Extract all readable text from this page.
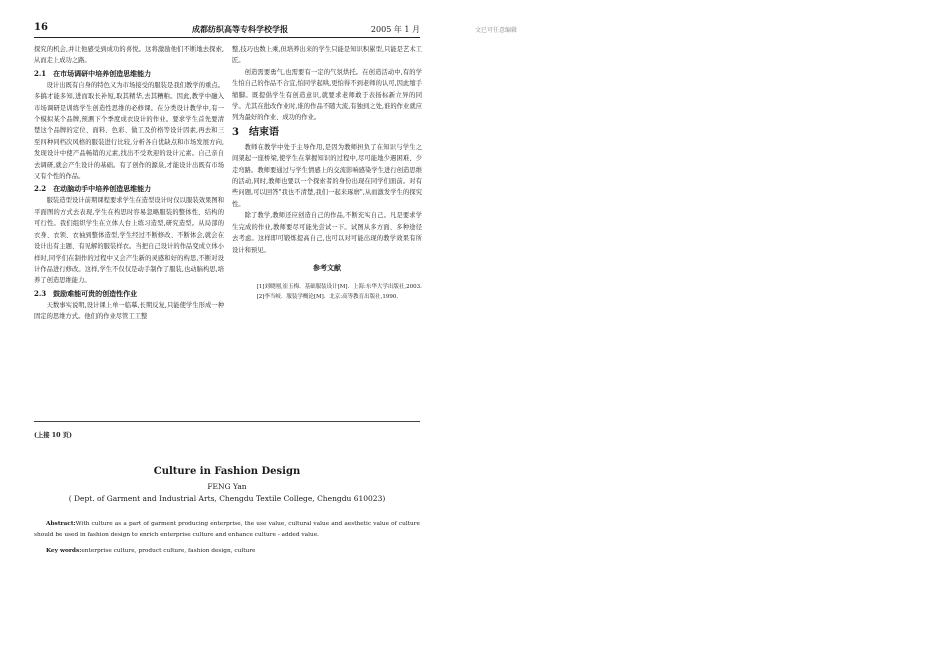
16	成都纺织高等专科学校学报	2005 年 1 月	文巳可任意编辑

探究的机会,并让他感受到成功的喜悦。这将激励他们不断地去探索,从而走上成功之路。

2.1　在市场调研中培养创造思维能力

设计出既有自身的特色又为市场接受的服装是我们教学的重点。多搞才能多知,进而取长补短,取其精华,去其糟粕。因此,教学中融入市场调研是训练学生创造性思维的必修课。在分类设计教学中,有一个模拟某个品牌,预测下个季度成衣设计的作业。要求学生首先要清楚这个品牌的定位、面料、色彩、做工及价格等设计因素,再去和三至四种同档次风格的服装进行比较,分析各自优缺点和市场发展方向,发现设计中使产品畅销的元素,找出不受欢迎的设计元素。自己亲自去调研,就会产生设计的基础。有了创作的源泉,才能设计出既有市场又有个性的作品。

2.2　在动脑动手中培养创造思维能力

服装造型设计前期课程要求学生在造型设计时仅以服装效果图和平面图的方式去表现,学生在构思时容易忽略服装的整体性、结构的可行性。我们组织学生在立体人台上练习造型,研究造型。从局部的衣身、衣领、衣袖到整体造型,学生经过不断修改、不断体会,就会在设计出有主题、有见解的服装样衣。当把自己设计的作品变成立体小样时,同学们在制作的过程中又会产生新的灵感和好的构思,不断对设计作品进行修改。这样,学生不仅仅是动手制作了服装,也动脑构思,培养了创造思维能力。

2.3　鼓励难能可贵的创造性作业

天数事实说明,设计课上单一临摹,长期反复,只能使学生形成一种固定的思维方式。他们的作业尽管工工整

整,技巧也数上乘,但培养出来的学生只能是知识积累型,只能是艺术工匠。

创造需要勇气,也需要有一定的气氛烘托。在创造活动中,有的学生怕自己的作品不合宜,怕同学起哄,更怕得不到老师的认可,因此缩手缩脚。既提倡学生有创造意识,就要求老师敢于表扬标新立异的同学。尤其在批改作业时,谁的作品不随大流,有独到之处,谁的作业就应列为最好的作业、成功的作业。

3　结束语

教师在教学中处于主导作用,是因为教师担负了在知识与学生之间架起一座桥梁,使学生在掌握知识的过程中,尽可能地少遇困难、少走弯路。教师要通过与学生情感上的交流影响感染学生进行创造思维的活动,同时,教师也要以一个探索者的身份出现在同学们面前。对有些问题,可以回答"我也不清楚,我们一起来琢磨",从而激发学生的探究性。

除了教学,教师还应创造自己的作品,不断充实自己。凡是要求学生完成的作业,教师要尽可能先尝试一下。试图从多方面、多种途径去考虑。这样即可锻炼提高自己,也可以对可能出现的教学效果有所设计和预见。

参考文献

[1]刘晓刚,崔玉梅．基础服装设计[M]．上海:东华大学出版社,2003.

[2]李当岐．服装学概论[M]．北京:高等教育出版社,1990.

(上接 10 页)
Culture in Fashion Design
FENG Yan
( Dept. of Garment and Industrial Arts, Chengdu Textile College, Chengdu 610023)
Abstract:With culture as a part of garment producing enterprise, the use value, cultural value and aesthetic value of culture should be used in fashion design to enrich enterprise culture and enhance culture - added value.
Key words:enterprise culture, product culture, fashion design, culture
